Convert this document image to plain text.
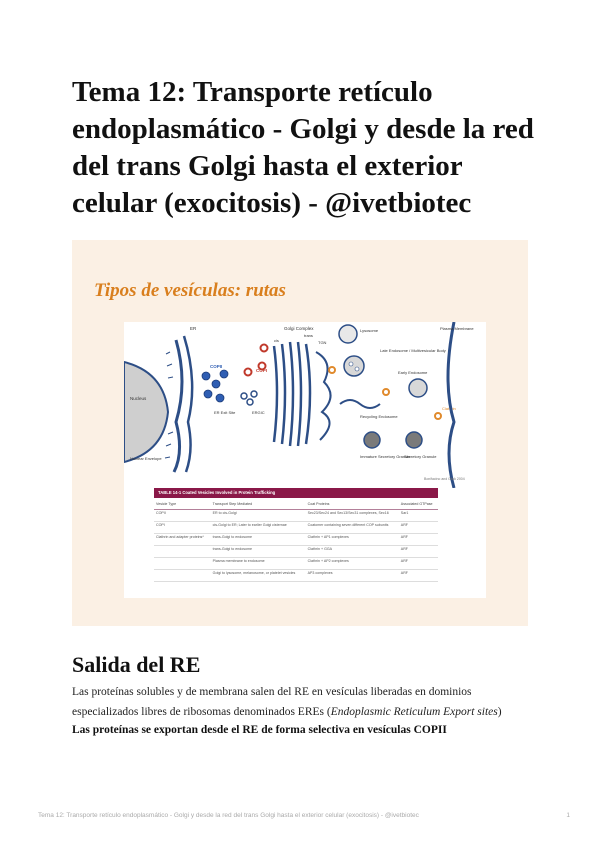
Tema 12: Transporte retículo endoplasmático - Golgi y desde la red del trans Golgi hasta el exterior celular (exocitosis) - @ivetbiotec
Tipos de vesículas: rutas
Nucleus
ER
Nuclear Envelope
COPII
ER Exit Site	ERGIC
COPI
Golgi Complex
cis
trans
TGN
Lysosome
Late Endosome / Multivesicular Body
Early Endosome
Recycling Endosome
Immature Secretory Granule
Secretory Granule
Clathrin
Plasma Membrane
Bonifacino and Glick 2004
TABLE 14-1 Coated Vesicles Involved in Protein Trafficking
Vesicle Type	Transport Step Mediated	Coat Proteins	Associated GTPase
COPII	ER to cis-Golgi	Sec23/Sec24 and Sec13/Sec31 complexes, Sec16	Sar1
COPI	cis-Golgi to ER; Later to earlier Golgi cisternae	Coatomer containing seven different COP subunits	ARF
Clathrin and adapter proteins*	trans-Golgi to endosome	Clathrin + AP1 complexes	ARF
	trans-Golgi to endosome	Clathrin + GGA	ARF
	Plasma membrane to endosome	Clathrin + AP2 complexes	ARF
	Golgi to lysosome, melanosome, or platelet vesicles	AP3 complexes	ARF
Salida del RE

Las proteínas solubles y de membrana salen del RE en vesículas liberadas en dominios especializados libres de ribosomas denominados EREs (Endoplasmic Reticulum Export sites)

Las proteínas se exportan desde el RE de forma selectiva en vesículas COPII

Tema 12: Transporte retículo endoplasmático - Golgi y desde la red del trans Golgi hasta el exterior celular (exocitosis) - @ivetbiotec	1
